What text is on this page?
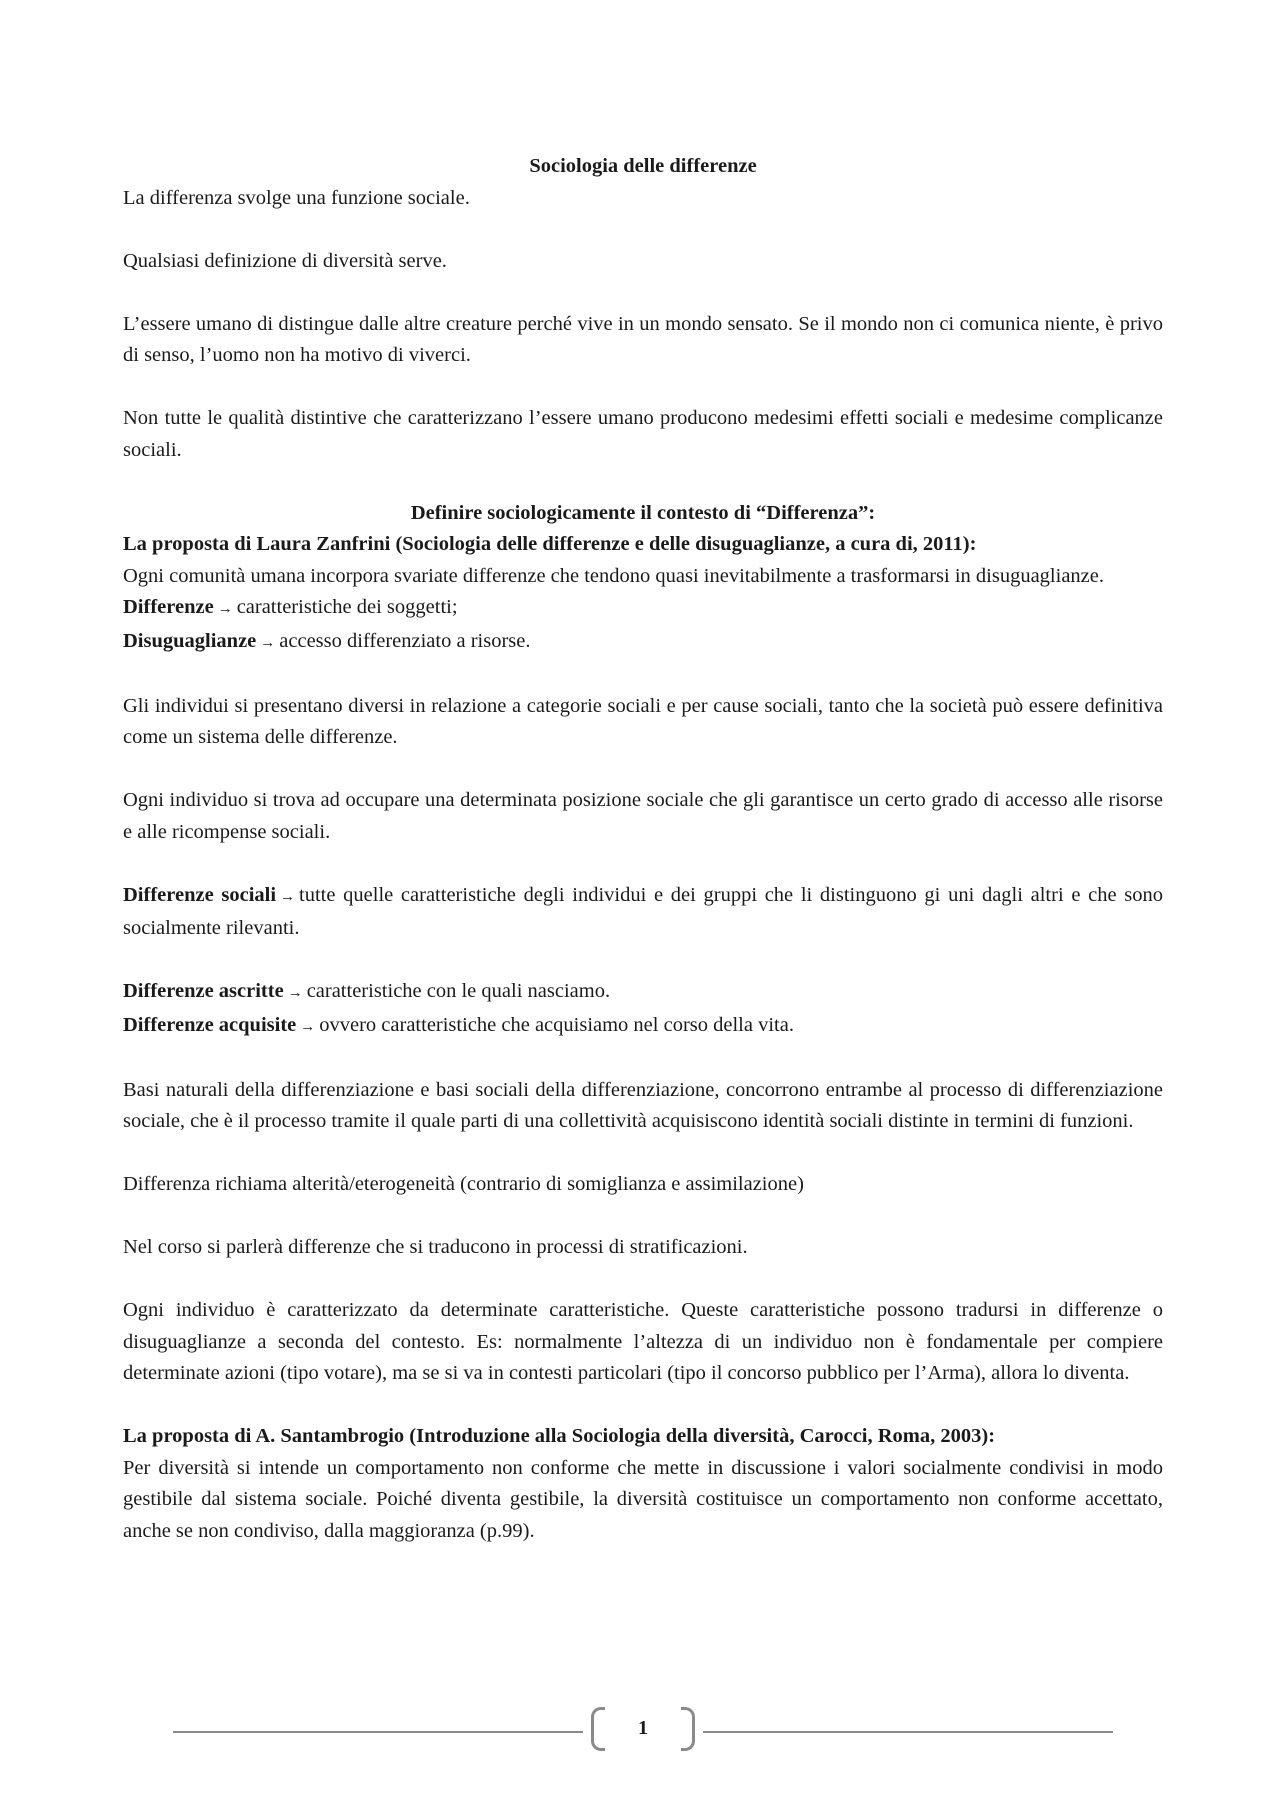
Sociologia delle differenze

La differenza svolge una funzione sociale.

Qualsiasi definizione di diversità serve.

L’essere umano di distingue dalle altre creature perché vive in un mondo sensato. Se il mondo non ci comunica niente, è privo di senso, l’uomo non ha motivo di viverci.

Non tutte le qualità distintive che caratterizzano l’essere umano producono medesimi effetti sociali e medesime complicanze sociali.

Definire sociologicamente il contesto di “Differenza”:

La proposta di Laura Zanfrini (Sociologia delle differenze e delle disuguaglianze, a cura di, 2011):

Ogni comunità umana incorpora svariate differenze che tendono quasi inevitabilmente a trasformarsi in disuguaglianze.

Differenze → caratteristiche dei soggetti;

Disuguaglianze → accesso differenziato a risorse.

Gli individui si presentano diversi in relazione a categorie sociali e per cause sociali, tanto che la società può essere definitiva come un sistema delle differenze.

Ogni individuo si trova ad occupare una determinata posizione sociale che gli garantisce un certo grado di accesso alle risorse e alle ricompense sociali.

Differenze sociali → tutte quelle caratteristiche degli individui e dei gruppi che li distinguono gi uni dagli altri e che sono socialmente rilevanti.

Differenze ascritte → caratteristiche con le quali nasciamo.

Differenze acquisite → ovvero caratteristiche che acquisiamo nel corso della vita.

Basi naturali della differenziazione e basi sociali della differenziazione, concorrono entrambe al processo di differenziazione sociale, che è il processo tramite il quale parti di una collettività acquisiscono identità sociali distinte in termini di funzioni.

Differenza richiama alterità/eterogeneità (contrario di somiglianza e assimilazione)

Nel corso si parlerà differenze che si traducono in processi di stratificazioni.

Ogni individuo è caratterizzato da determinate caratteristiche. Queste caratteristiche possono tradursi in differenze o disuguaglianze a seconda del contesto. Es: normalmente l’altezza di un individuo non è fondamentale per compiere determinate azioni (tipo votare), ma se si va in contesti particolari (tipo il concorso pubblico per l’Arma), allora lo diventa.

La proposta di A. Santambrogio (Introduzione alla Sociologia della diversità, Carocci, Roma, 2003):

Per diversità si intende un comportamento non conforme che mette in discussione i valori socialmente condivisi in modo gestibile dal sistema sociale. Poiché diventa gestibile, la diversità costituisce un comportamento non conforme accettato, anche se non condiviso, dalla maggioranza (p.99).

1
